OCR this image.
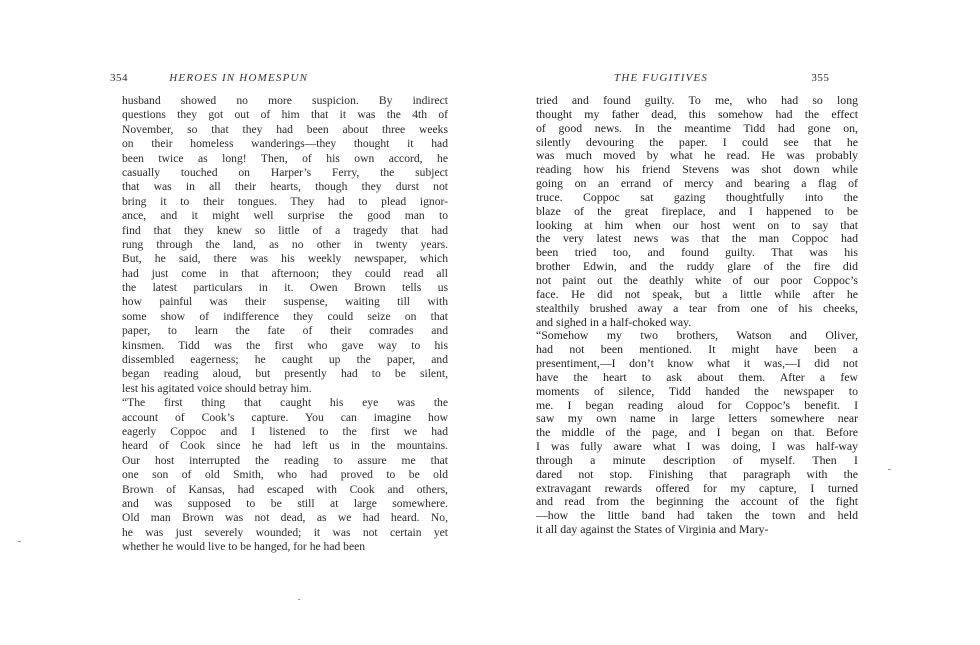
354	HEROES IN HOMESPUN
husband showed no more suspicion. By indirect
questions they got out of him that it was the 4th of
November, so that they had been about three weeks
on their homeless wanderings—they thought it had
been twice as long! Then, of his own accord, he
casually touched on Harper’s Ferry, the subject
that was in all their hearts, though they durst not
bring it to their tongues. They had to plead ignor-
ance, and it might well surprise the good man to
find that they knew so little of a tragedy that had
rung through the land, as no other in twenty years.
But, he said, there was his weekly newspaper, which
had just come in that afternoon; they could read all
the latest particulars in it. Owen Brown tells us
how painful was their suspense, waiting till with
some show of indifference they could seize on that
paper, to learn the fate of their comrades and
kinsmen. Tidd was the first who gave way to his
dissembled eagerness; he caught up the paper, and
began reading aloud, but presently had to be silent,
lest his agitated voice should betray him.
“The first thing that caught his eye was the
account of Cook’s capture. You can imagine how
eagerly Coppoc and I listened to the first we had
heard of Cook since he had left us in the mountains.
Our host interrupted the reading to assure me that
one son of old Smith, who had proved to be old
Brown of Kansas, had escaped with Cook and others,
and was supposed to be still at large somewhere.
Old man Brown was not dead, as we had heard. No,
he was just severely wounded; it was not certain yet
whether he would live to be hanged, for he had been
THE FUGITIVES	355
tried and found guilty. To me, who had so long
thought my father dead, this somehow had the effect
of good news. In the meantime Tidd had gone on,
silently devouring the paper. I could see that he
was much moved by what he read. He was probably
reading how his friend Stevens was shot down while
going on an errand of mercy and bearing a flag of
truce. Coppoc sat gazing thoughtfully into the
blaze of the great fireplace, and I happened to be
looking at him when our host went on to say that
the very latest news was that the man Coppoc had
been tried too, and found guilty. That was his
brother Edwin, and the ruddy glare of the fire did
not paint out the deathly white of our poor Coppoc’s
face. He did not speak, but a little while after he
stealthily brushed away a tear from one of his cheeks,
and sighed in a half-choked way.
“Somehow my two brothers, Watson and Oliver,
had not been mentioned. It might have been a
presentiment,—I don’t know what it was,—I did not
have the heart to ask about them. After a few
moments of silence, Tidd handed the newspaper to
me. I began reading aloud for Coppoc’s benefit. I
saw my own name in large letters somewhere near
the middle of the page, and I began on that. Before
I was fully aware what I was doing, I was half-way
through a minute description of myself. Then I
dared not stop. Finishing that paragraph with the
extravagant rewards offered for my capture, I turned
and read from the beginning the account of the fight
—how the little band had taken the town and held
it all day against the States of Virginia and Mary-
